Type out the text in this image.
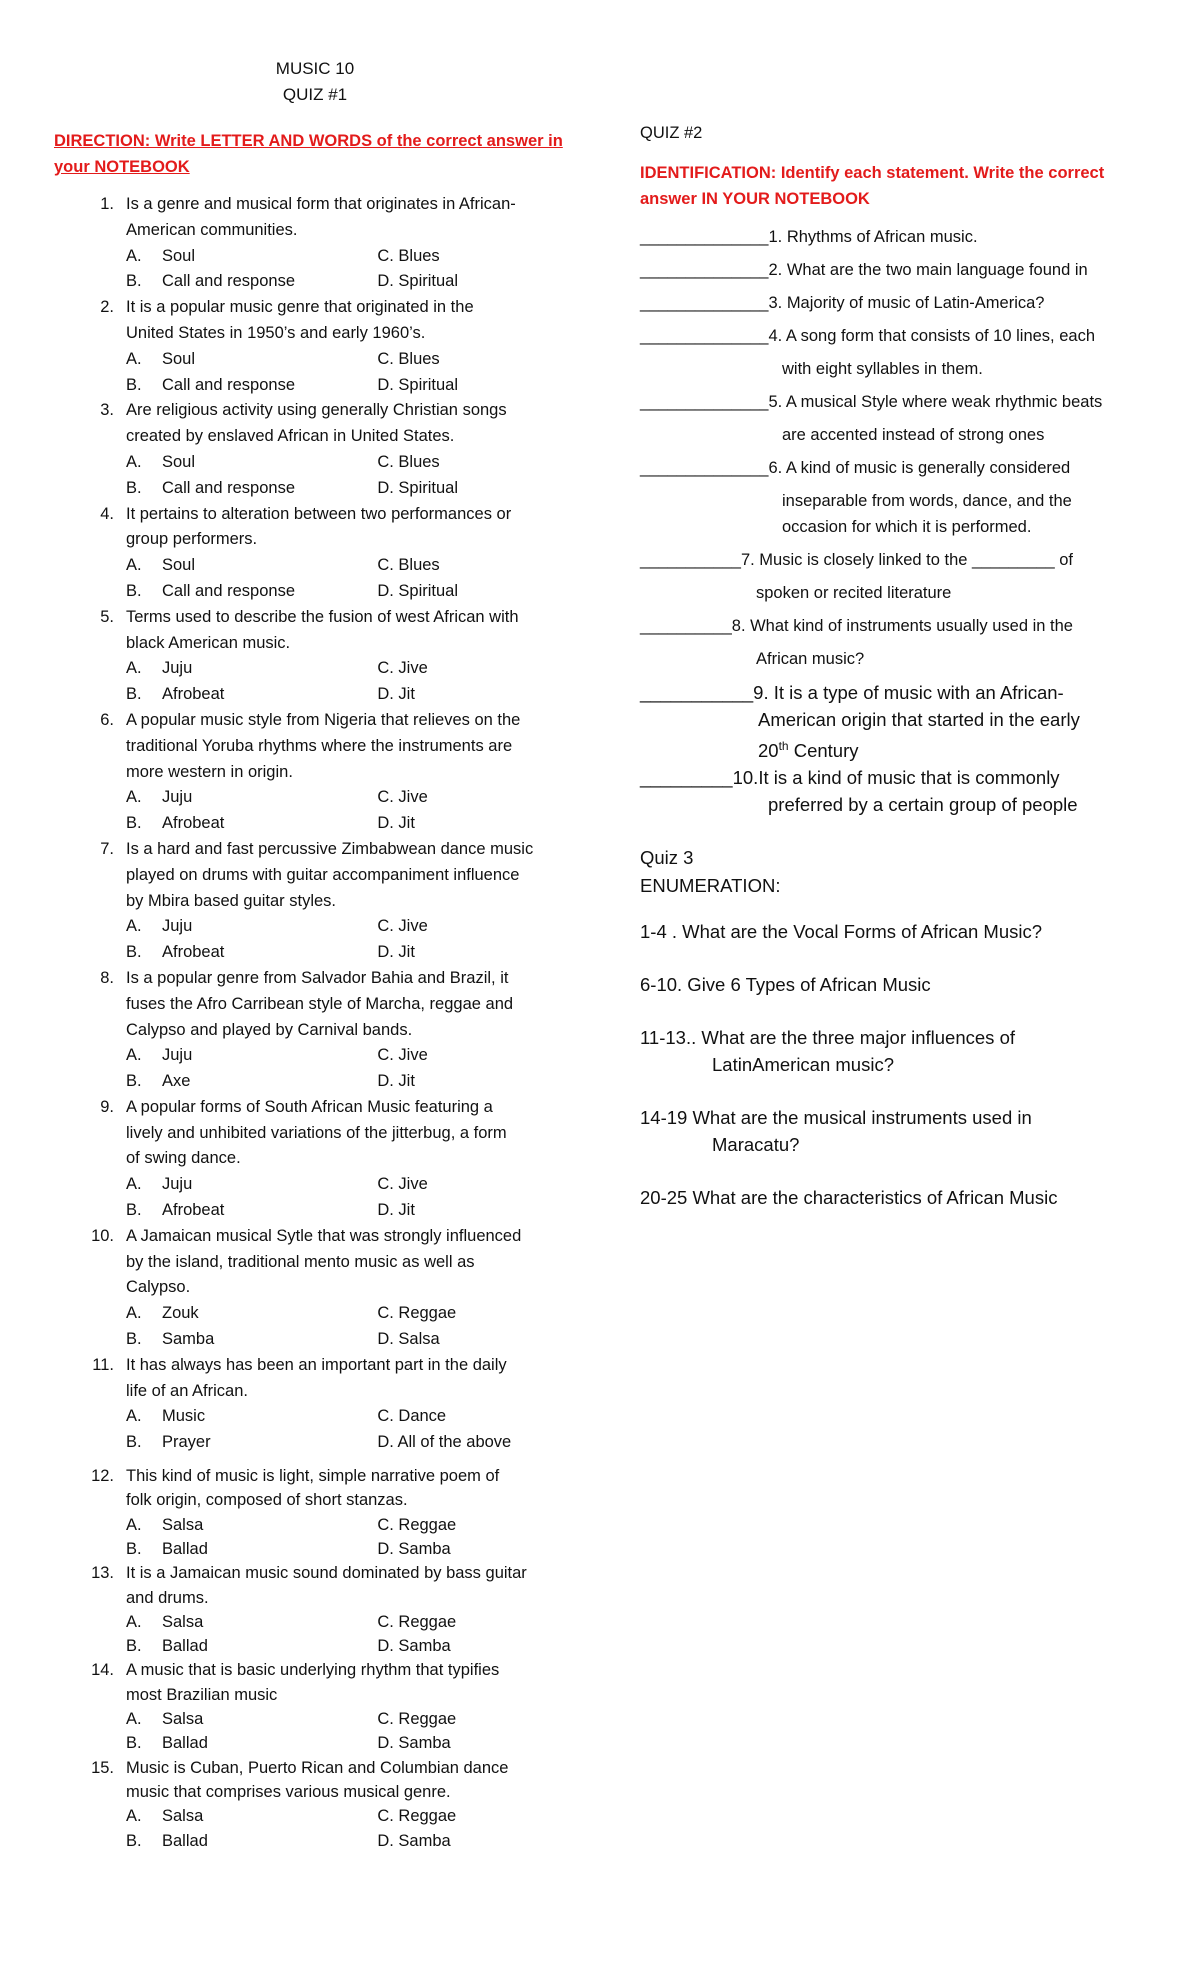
MUSIC 10
QUIZ #1
DIRECTION: Write LETTER AND WORDS of the correct answer in your NOTEBOOK
1. Is a genre and musical form that originates in African-
American communities.
A.	Soul	C. Blues
B.	Call and response	D. Spiritual
2. It is a popular music genre that originated in the
United States in 1950’s and early 1960’s.
A.	Soul	C. Blues
B.	Call and response	D. Spiritual
3. Are religious activity using generally Christian songs
created by enslaved African in United States.
A.	Soul	C. Blues
B.	Call and response	D. Spiritual
4. It pertains to alteration between two performances or
group performers.
A.	Soul	C. Blues
B.	Call and response	D. Spiritual
5. Terms used to describe the fusion of west African with
black American music.
A.	Juju	C. Jive
B.	Afrobeat	D. Jit
6. A popular music style from Nigeria that relieves on the
traditional Yoruba rhythms where the instruments are
more western in origin.
A.	Juju	C. Jive
B.	Afrobeat	D. Jit
7. Is a hard and fast percussive Zimbabwean dance music
played on drums with guitar accompaniment influence
by Mbira based guitar styles.
A.	Juju	C. Jive
B.	Afrobeat	D. Jit
8. Is a popular genre from Salvador Bahia and Brazil, it
fuses the Afro Carribean style of Marcha, reggae and
Calypso and played by Carnival bands.
A.	Juju	C. Jive
B.	Axe	D. Jit
9. A popular forms of South African Music featuring a
lively and unhibited variations of the jitterbug, a form
of swing dance.
A.	Juju	C. Jive
B.	Afrobeat	D. Jit
10. A Jamaican musical Sytle that was strongly influenced
by the island, traditional mento music as well as
Calypso.
A.	Zouk	C. Reggae
B.	Samba	D. Salsa
11. It has always has been an important part in the daily
life of an African.
A.	Music	C. Dance
B.	Prayer	D. All of the above
12. This kind of music is light, simple narrative poem of
folk origin, composed of short stanzas.
A.	Salsa	C. Reggae
B.	Ballad	D. Samba
13. It is a Jamaican music sound dominated by bass guitar
and drums.
A.	Salsa	C. Reggae
B.	Ballad	D. Samba
14. A music that is basic underlying rhythm that typifies
most Brazilian music
A.	Salsa	C. Reggae
B.	Ballad	D. Samba
15. Music is Cuban, Puerto Rican and Columbian dance
music that comprises various musical genre.
A.	Salsa	C. Reggae
B.	Ballad	D. Samba
QUIZ #2
IDENTIFICATION: Identify each statement. Write the correct answer IN YOUR NOTEBOOK
______________1. Rhythms of African music.
______________2. What are the two main language found in
______________3. Majority of music of Latin-America?
______________4. A song form that consists of 10 lines, each
with eight syllables in them.
______________5. A musical Style where weak rhythmic beats
are accented instead of strong ones
______________6. A kind of music is generally considered
inseparable from words, dance, and the
occasion for which it is performed.
___________7. Music is closely linked to the _________ of
spoken or recited literature
__________8. What kind of instruments usually used in the
African music?
___________9. It is a type of music with an African-
American origin that started in the early
20th Century
_________10.It is a kind of music that is commonly
preferred by a certain group of people
Quiz 3
ENUMERATION:
1-4 . What are the Vocal Forms of African Music?
6-10. Give 6 Types of African Music
11-13.. What are the three major influences of
LatinAmerican music?
14-19 What are the musical instruments used in
Maracatu?
20-25 What are the characteristics of African Music
